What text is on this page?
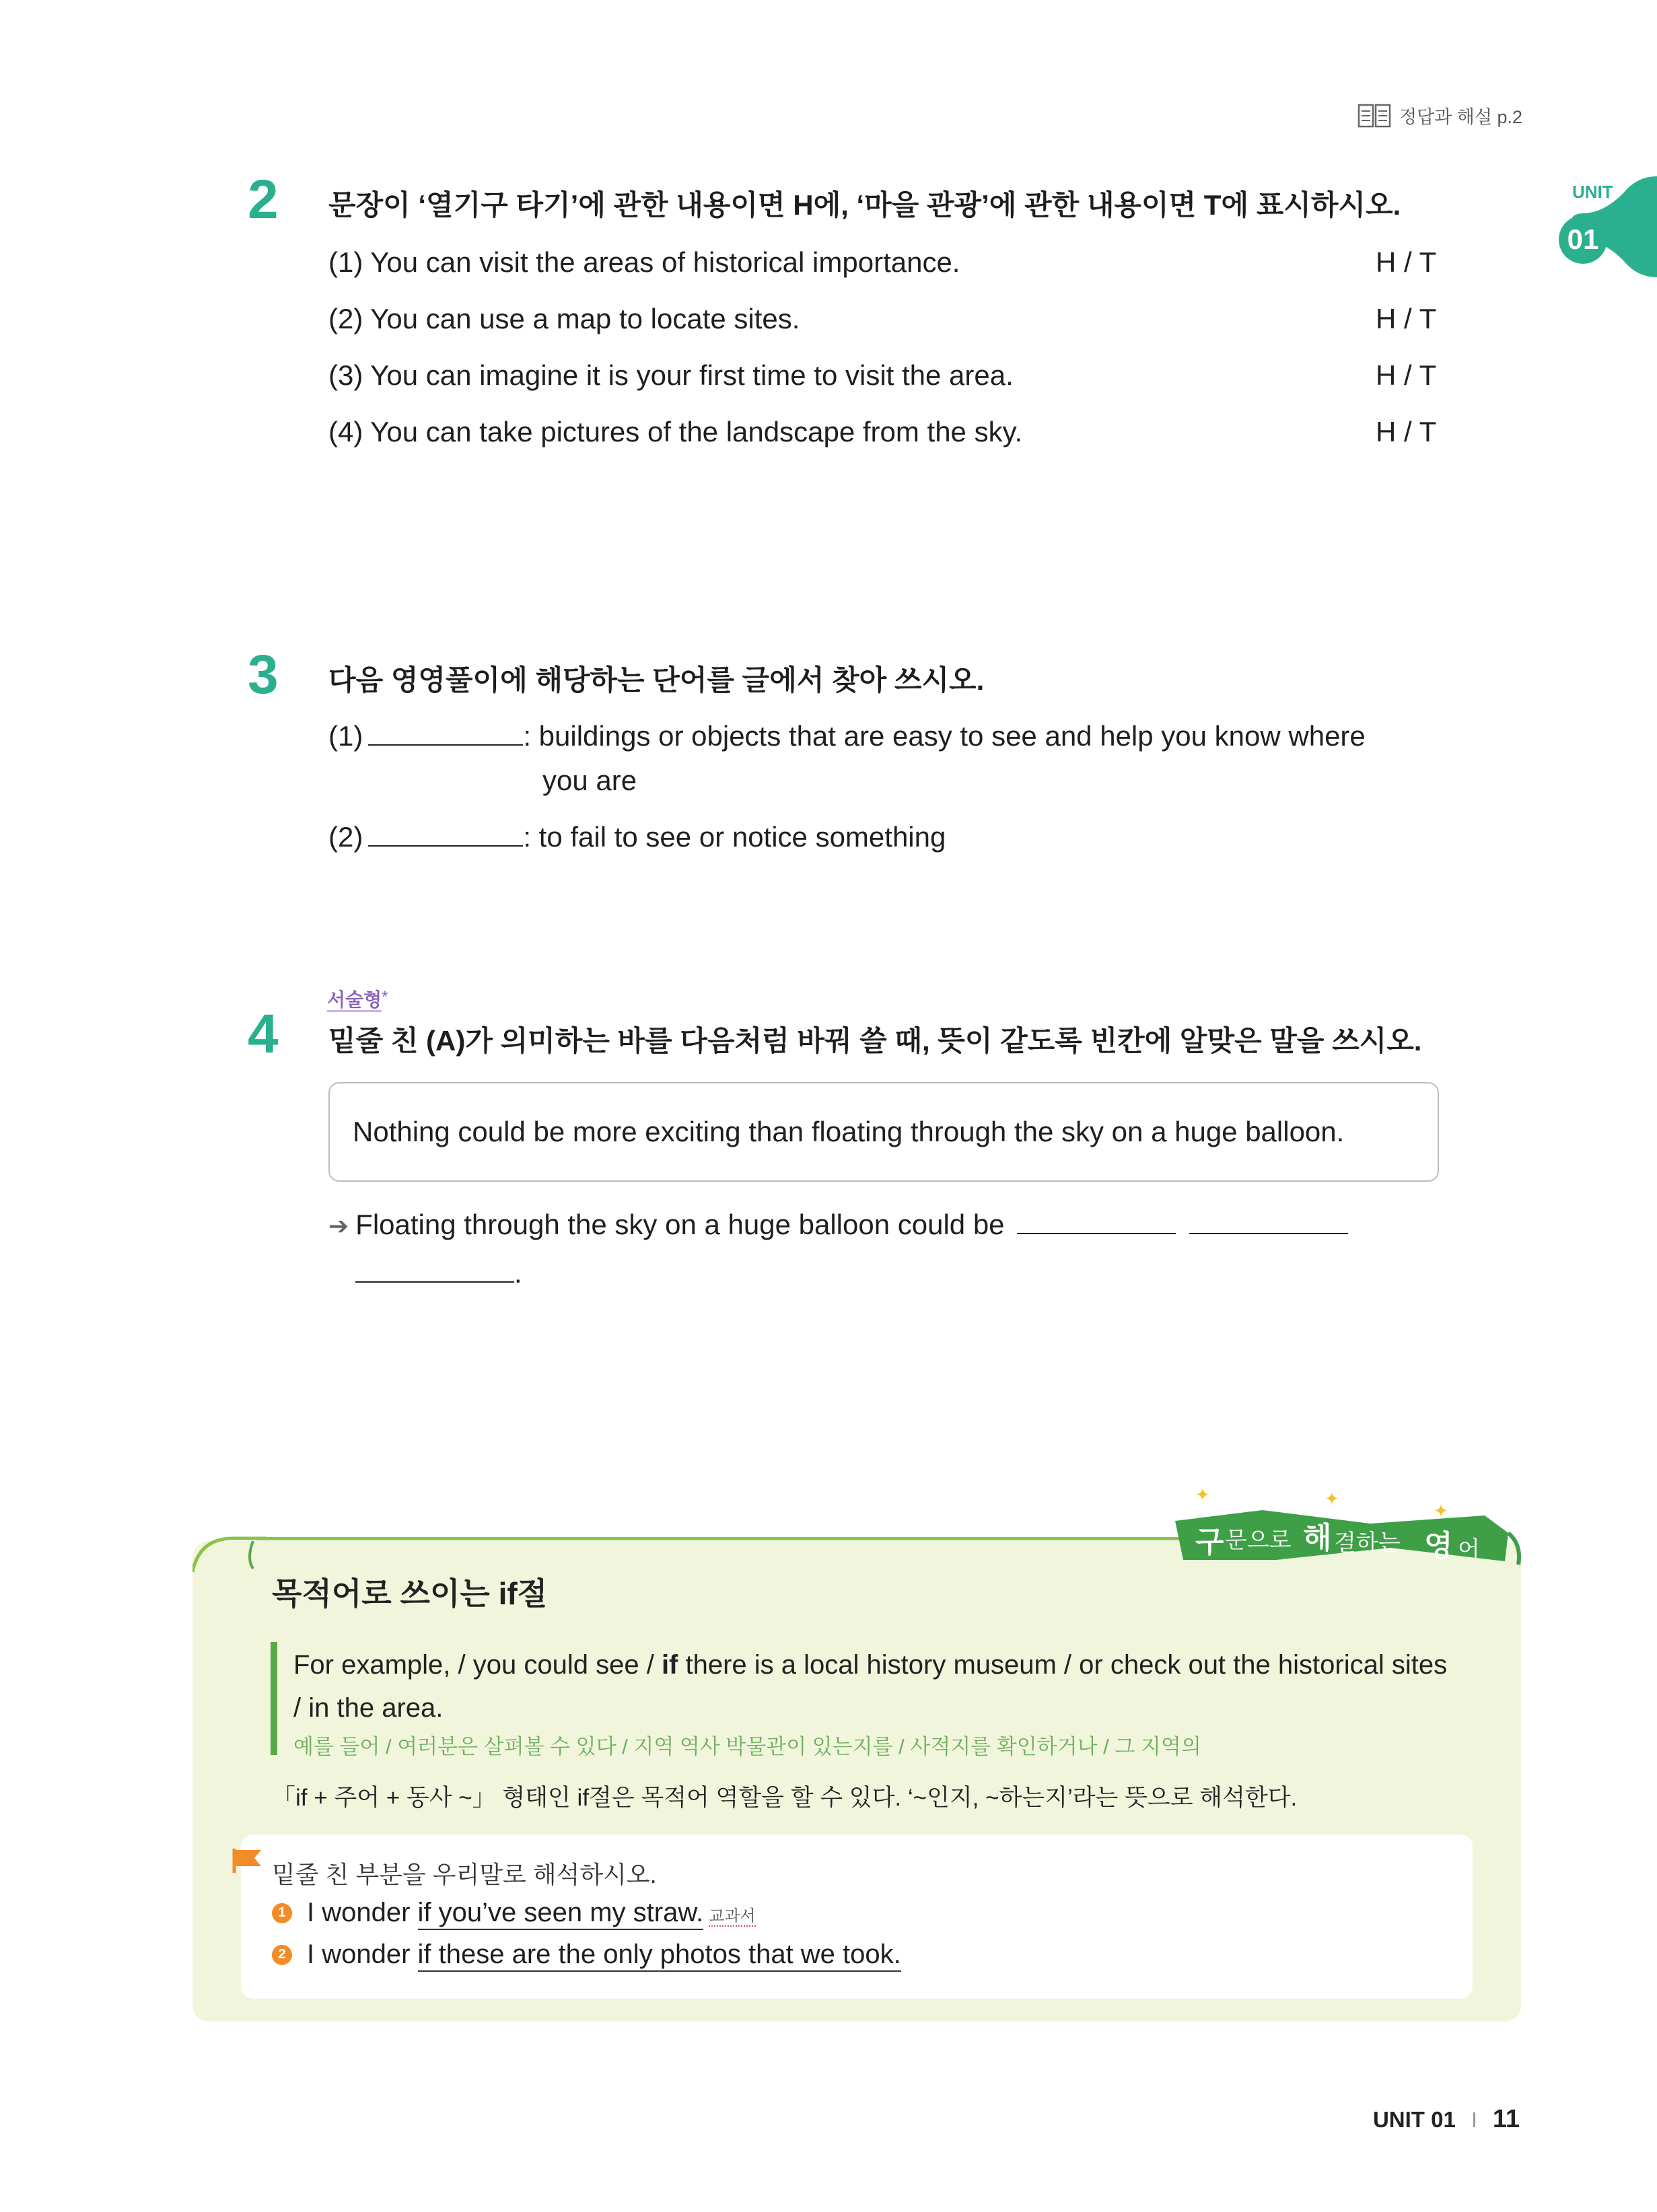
정답과 해설 p.2
UNIT
01
2 문장이 ‘열기구 타기’에 관한 내용이면 H에, ‘마을 관광’에 관한 내용이면 T에 표시하시오.
(1) You can visit the areas of historical importance.	H / T
(2) You can use a map to locate sites.	H / T
(3) You can imagine it is your first time to visit the area.	H / T
(4) You can take pictures of the landscape from the sky.	H / T
3 다음 영영풀이에 해당하는 단어를 글에서 찾아 쓰시오.
(1)	: buildings or objects that are easy to see and help you know where
you are
(2)	: to fail to see or notice something
서술형*
4 밑줄 친 (A)가 의미하는 바를 다음처럼 바꿔 쓸 때, 뜻이 같도록 빈칸에 알맞은 말을 쓰시오.
Nothing could be more exciting than floating through the sky on a huge balloon.
➔ Floating through the sky on a huge balloon could be
.
구 문으로 해 결하는 영 어
✦	✦
✦
목적어로 쓰이는 if절
For example, / you could see / if there is a local history museum / or check out the historical sites / in the area.
예를 들어 / 여러분은 살펴볼 수 있다 / 지역 역사 박물관이 있는지를 / 사적지를 확인하거나 / 그 지역의
「if + 주어 + 동사 ~」 형태인 if절은 목적어 역할을 할 수 있다. ‘~인지, ~하는지’라는 뜻으로 해석한다.
밑줄 친 부분을 우리말로 해석하시오.
1 I wonder if you’ve seen my straw. 교과서
2 I wonder if these are the only photos that we took.
UNIT 01 11
